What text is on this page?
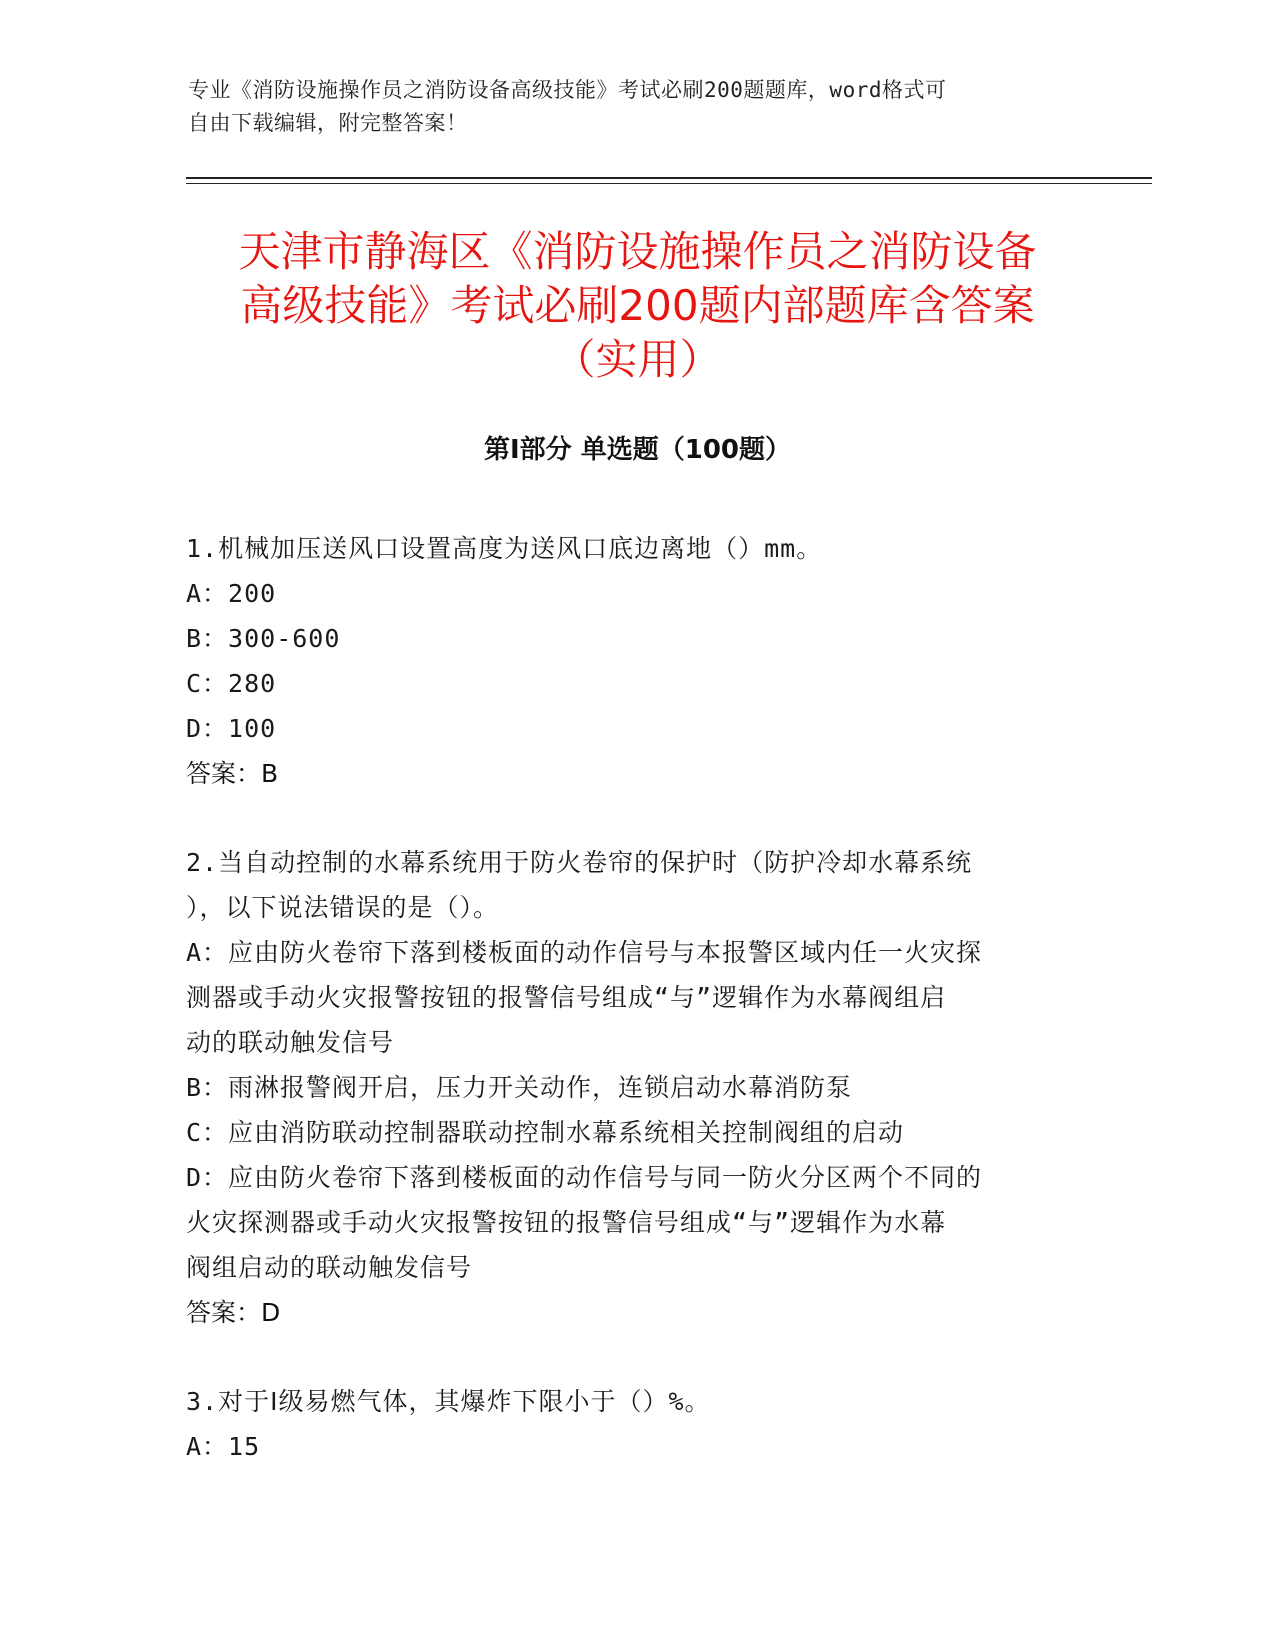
专业《消防设施操作员之消防设备高级技能》考试必刷200题题库，word格式可
自由下载编辑，附完整答案！
天津市静海区《消防设施操作员之消防设备
高级技能》考试必刷200题内部题库含答案
（实用）
第Ⅰ部分 单选题（100题）
1.机械加压送风口设置高度为送风口底边离地（）mm。
A：200
B：300-600
C：280
D：100
答案：B
2.当自动控制的水幕系统用于防火卷帘的保护时（防护冷却水幕系统
），以下说法错误的是（）。
A：应由防火卷帘下落到楼板面的动作信号与本报警区域内任一火灾探
测器或手动火灾报警按钮的报警信号组成“与”逻辑作为水幕阀组启
动的联动触发信号
B：雨淋报警阀开启，压力开关动作，连锁启动水幕消防泵
C：应由消防联动控制器联动控制水幕系统相关控制阀组的启动
D：应由防火卷帘下落到楼板面的动作信号与同一防火分区两个不同的
火灾探测器或手动火灾报警按钮的报警信号组成“与”逻辑作为水幕
阀组启动的联动触发信号
答案：D
3.对于Ⅰ级易燃气体，其爆炸下限小于（）%。
A：15
